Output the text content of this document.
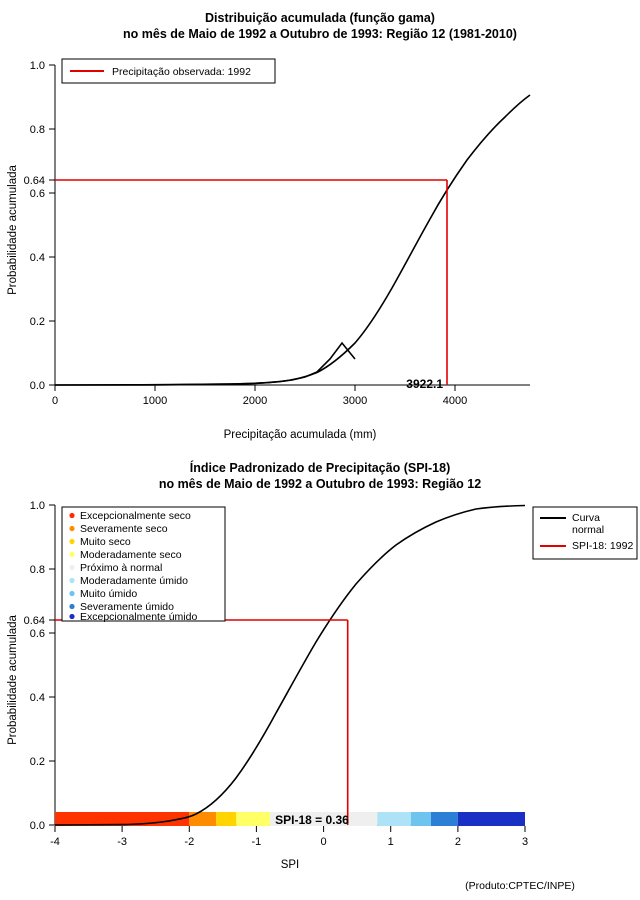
Distribuição acumulada (função gama)
no mês de Maio de 1992 a Outubro de 1993: Região 12 (1981-2010)
Probabilidade acumulada
Precipitação acumulada (mm)
0	1000	2000	3000	4000
0.0
0.2
0.4
0.6
0.8
1.0
0.64
3922.1
Precipitação observada: 1992
Índice Padronizado de Precipitação (SPI-18)
no mês de Maio de 1992 a Outubro de 1993: Região 12
Probabilidade acumulada
SPI
(Produto:CPTEC/INPE)
-4	-3	-2	-1	0	1	2	3
0.0
0.2
0.4
0.6
0.8
1.0
0.64
SPI-18 = 0.36
Excepcionalmente seco
Severamente seco
Muito seco
Moderadamente seco
Próximo à normal
Moderadamente úmido
Muito úmido
Severamente úmido
Excepcionalmente úmido
Curva
normal
SPI-18: 1992
